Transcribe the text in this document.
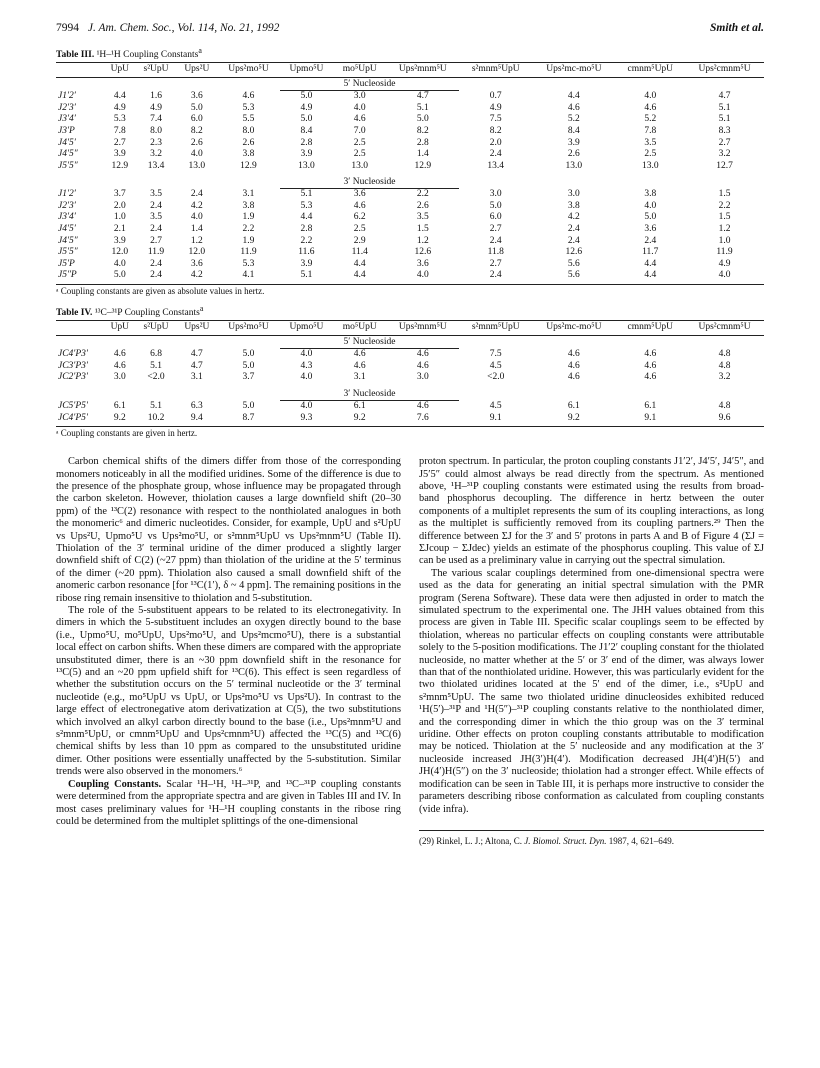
7994 J. Am. Chem. Soc., Vol. 114, No. 21, 1992	Smith et al.
Table III. ¹H–¹H Coupling Constants$^a$
	UpU	s²UpU	Ups²U	Ups²mo⁵U	Upmo⁵U	mo⁵UpU	Ups²mnm⁵U	s²mnm⁵UpU	Ups²mc-mo⁵U	cmnm⁵UpU	Ups²cmnm⁵U
					5′ Nucleoside						
J1′2′	4.4	1.6	3.6	4.6	5.0	3.0	4.7	0.7	4.4	4.0	4.7
J2′3′	4.9	4.9	5.0	5.3	4.9	4.0	5.1	4.9	4.6	4.6	5.1
J3′4′	5.3	7.4	6.0	5.5	5.0	4.6	5.0	7.5	5.2	5.2	5.1
J3′P	7.8	8.0	8.2	8.0	8.4	7.0	8.2	8.2	8.4	7.8	8.3
J4′5′	2.7	2.3	2.6	2.6	2.8	2.5	2.8	2.0	3.9	3.5	2.7
J4′5″	3.9	3.2	4.0	3.8	3.9	2.5	1.4	2.4	2.6	2.5	3.2
J5′5″	12.9	13.4	13.0	12.9	13.0	13.0	12.9	13.4	13.0	13.0	12.7

					3′ Nucleoside						
J1′2′	3.7	3.5	2.4	3.1	5.1	3.6	2.2	3.0	3.0	3.8	1.5
J2′3′	2.0	2.4	4.2	3.8	5.3	4.6	2.6	5.0	3.8	4.0	2.2
J3′4′	1.0	3.5	4.0	1.9	4.4	6.2	3.5	6.0	4.2	5.0	1.5
J4′5′	2.1	2.4	1.4	2.2	2.8	2.5	1.5	2.7	2.4	3.6	1.2
J4′5″	3.9	2.7	1.2	1.9	2.2	2.9	1.2	2.4	2.4	2.4	1.0
J5′5″	12.0	11.9	12.0	11.9	11.6	11.4	12.6	11.8	12.6	11.7	11.9
J5′P	4.0	2.4	3.6	5.3	3.9	4.4	3.6	2.7	5.6	4.4	4.9
J5″P	5.0	2.4	4.2	4.1	5.1	4.4	4.0	2.4	5.6	4.4	4.0
ᵃ Coupling constants are given as absolute values in hertz.
Table IV. ¹³C–³¹P Coupling Constants$^a$
	UpU	s²UpU	Ups²U	Ups²mo⁵U	Upmo⁵U	mo⁵UpU	Ups²mnm⁵U	s²mnm⁵UpU	Ups²mc-mo⁵U	cmnm⁵UpU	Ups²cmnm⁵U
					5′ Nucleoside						
JC4′P3′	4.6	6.8	4.7	5.0	4.0	4.6	4.6	7.5	4.6	4.6	4.8
JC3′P3′	4.6	5.1	4.7	5.0	4.3	4.6	4.6	4.5	4.6	4.6	4.8
JC2′P3′	3.0	<2.0	3.1	3.7	4.0	3.1	3.0	<2.0	4.6	4.6	3.2

					3′ Nucleoside						
JC5′P5′	6.1	5.1	6.3	5.0	4.0	6.1	4.6	4.5	6.1	6.1	4.8
JC4′P5′	9.2	10.2	9.4	8.7	9.3	9.2	7.6	9.1	9.2	9.1	9.6
ᵃ Coupling constants are given in hertz.

Carbon chemical shifts of the dimers differ from those of the corresponding monomers noticeably in all the modified uridines. Some of the difference is due to the presence of the phosphate group, whose influence may be propagated through the carbon skeleton. However, thiolation causes a large downfield shift (20–30 ppm) of the ¹³C(2) resonance with respect to the nonthiolated analogues in both the monomeric⁶ and dimeric nucleotides. Consider, for example, UpU and s²UpU vs Ups²U, Upmo⁵U vs Ups²mo⁵U, or s²mnm⁵UpU vs Ups²mnm⁵U (Table II). Thiolation of the 3′ terminal uridine of the dimer produced a slightly larger downfield shift of C(2) (~27 ppm) than thiolation of the uridine at the 5′ terminus of the dimer (~20 ppm). Thiolation also caused a small downfield shift of the anomeric carbon resonance [for ¹³C(1′), δ ~ 4 ppm]. The remaining positions in the ribose ring remain insensitive to thiolation and 5-substitution.

The role of the 5-substituent appears to be related to its electronegativity. In dimers in which the 5-substituent includes an oxygen directly bound to the base (i.e., Upmo⁵U, mo⁵UpU, Ups²mo⁵U, and Ups²mcmo⁵U), there is a substantial local effect on carbon shifts. When these dimers are compared with the appropriate unsubstituted dimer, there is an ~30 ppm downfield shift in the resonance for ¹³C(5) and an ~20 ppm upfield shift for ¹³C(6). This effect is seen regardless of whether the substitution occurs on the 5′ terminal nucleotide or the 3′ terminal nucleotide (e.g., mo⁵UpU vs UpU, or Ups²mo⁵U vs Ups²U). In contrast to the large effect of electronegative atom derivatization at C(5), the two substitutions which involved an alkyl carbon directly bound to the base (i.e., Ups²mnm⁵U and s²mnm⁵UpU, or cmnm⁵UpU and Ups²cmnm⁵U) affected the ¹³C(5) and ¹³C(6) chemical shifts by less than 10 ppm as compared to the unsubstituted uridine dimer. Other positions were essentially unaffected by the 5-substitution. Similar trends were also observed in the monomers.⁶

Coupling Constants. Scalar ¹H–¹H, ¹H–³¹P, and ¹³C–³¹P coupling constants were determined from the appropriate spectra and are given in Tables III and IV. In most cases preliminary values for ¹H–¹H coupling constants in the ribose ring could be determined from the multiplet splittings of the one-dimensional

proton spectrum. In particular, the proton coupling constants J1′2′, J4′5′, J4′5″, and J5′5″ could almost always be read directly from the spectrum. As mentioned above, ¹H–³¹P coupling constants were estimated using the results from broad-band phosphorus decoupling. The difference in hertz between the outer components of a multiplet represents the sum of its coupling interactions, as long as the multiplet is sufficiently removed from its coupling partners.²⁹ Then the difference between ΣJ for the 3′ and 5′ protons in parts A and B of Figure 4 (ΣJ = ΣJcoup − ΣJdec) yields an estimate of the phosphorus coupling. This value of ΣJ can be used as a preliminary value in carrying out the spectral simulation.

The various scalar couplings determined from one-dimensional spectra were used as the data for generating an initial spectral simulation with the PMR program (Serena Software). These data were then adjusted in order to match the simulated spectrum to the experimental one. The JHH values obtained from this process are given in Table III. Specific scalar couplings seem to be effected by thiolation, whereas no particular effects on coupling constants were attributable solely to the 5-position modifications. The J1′2′ coupling constant for the thiolated nucleoside, no matter whether at the 5′ or 3′ end of the dimer, was always lower than that of the nonthiolated uridine. However, this was particularly evident for the two thiolated uridines located at the 5′ end of the dimer, i.e., s²UpU and s²mnm⁵UpU. The same two thiolated uridine dinucleosides exhibited reduced ¹H(5′)–³¹P and ¹H(5″)–³¹P coupling constants relative to the nonthiolated dimer, and the corresponding dimer in which the thio group was on the 3′ terminal uridine. Other effects on proton coupling constants attributable to modification may be noticed. Thiolation at the 5′ nucleoside and any modification at the 3′ nucleoside increased JH(3′)H(4′). Modification decreased JH(4′)H(5′) and JH(4′)H(5″) on the 3′ nucleoside; thiolation had a stronger effect. While effects of modification can be seen in Table III, it is perhaps more instructive to consider the parameters describing ribose conformation as calculated from coupling constants (vide infra).

(29) Rinkel, L. J.; Altona, C. J. Biomol. Struct. Dyn. 1987, 4, 621–649.
